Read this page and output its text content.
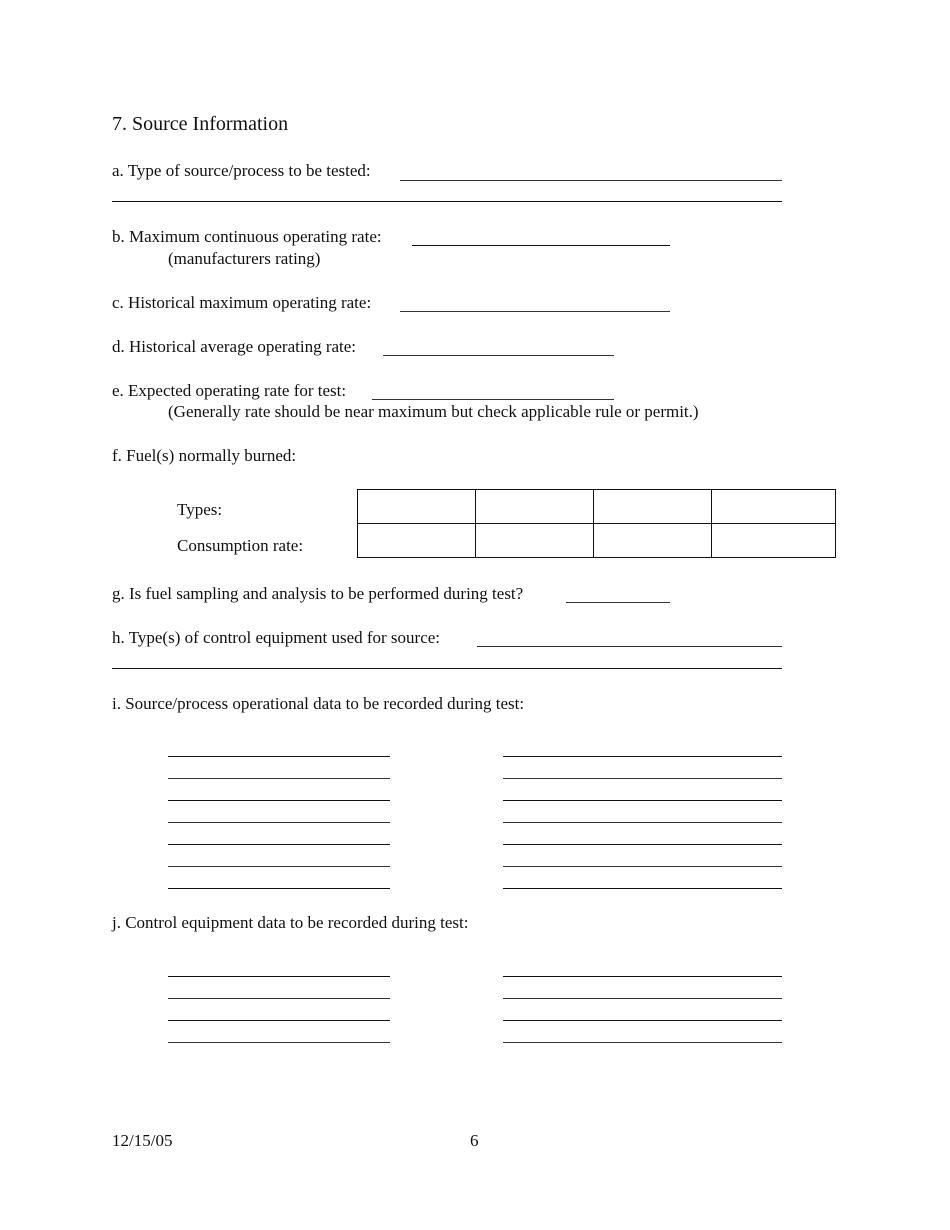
7. Source Information
a. Type of source/process to be tested:
b. Maximum continuous operating rate:
(manufacturers rating)
c. Historical maximum operating rate:
d. Historical average operating rate:
e. Expected operating rate for test:
(Generally rate should be near maximum but check applicable rule or permit.)
f. Fuel(s) normally burned:
Types:
Consumption rate:

g. Is fuel sampling and analysis to be performed during test?
h. Type(s) of control equipment used for source:
i. Source/process operational data to be recorded during test:
j. Control equipment data to be recorded during test:
12/15/05	6
